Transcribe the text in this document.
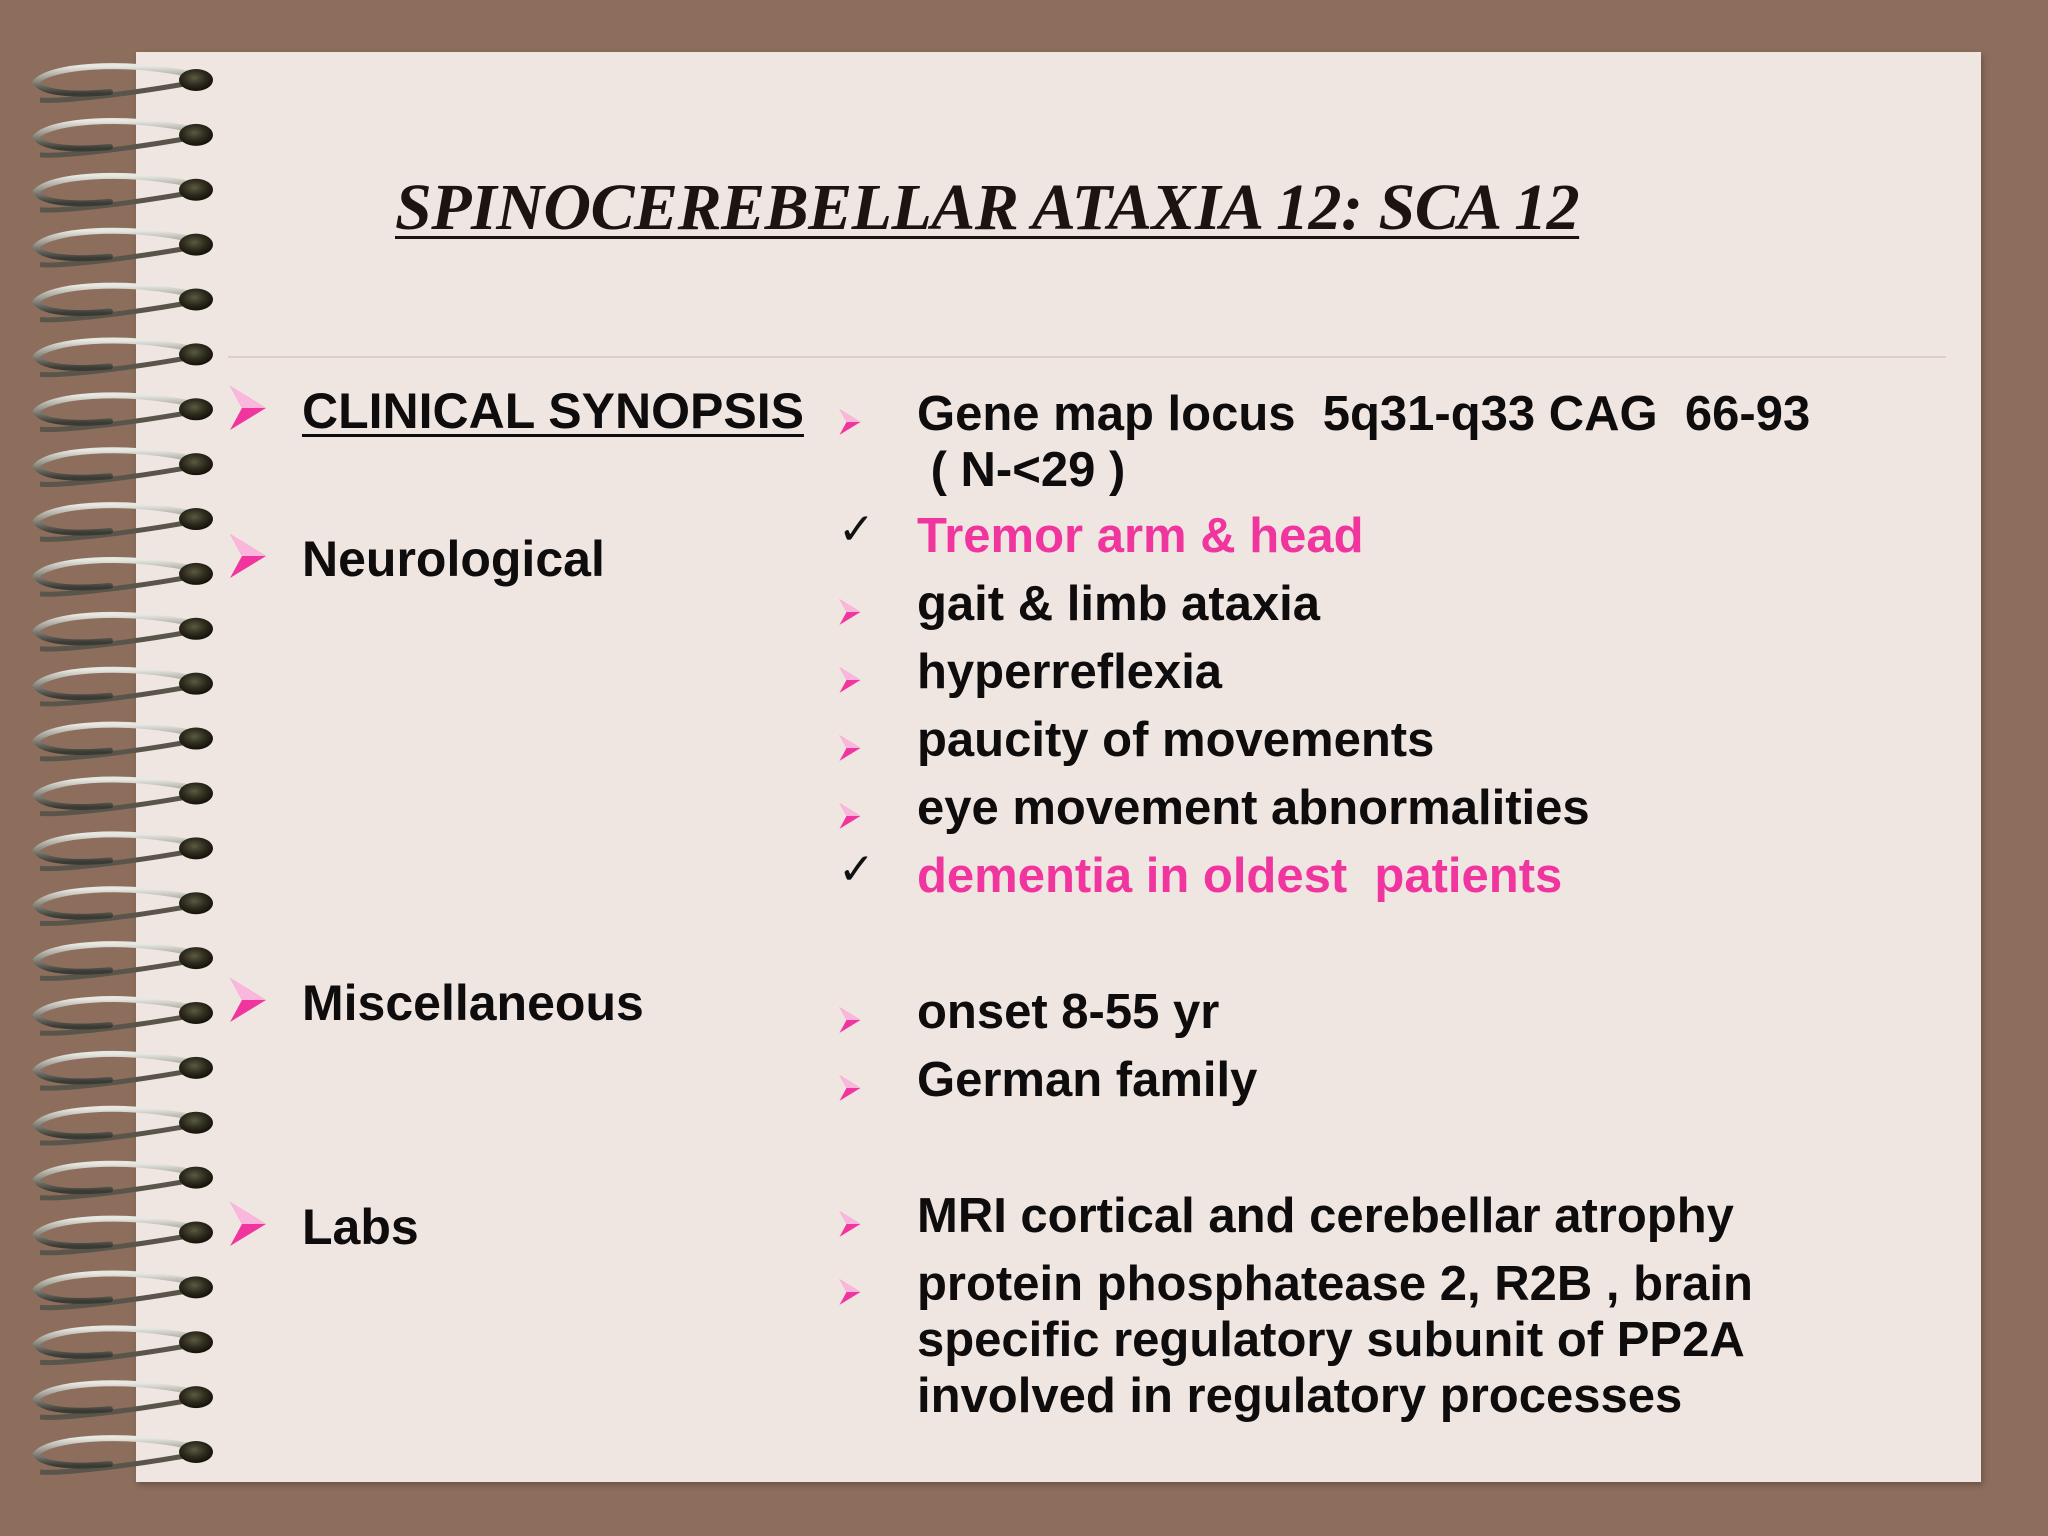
SPINOCEREBELLAR ATAXIA 12: SCA 12
CLINICAL SYNOPSIS
Neurological
Miscellaneous
Labs
Gene map locus  5q31-q33 CAG  66-93
( N-<29 )
✓ Tremor arm & head
gait & limb ataxia
hyperreflexia
paucity of movements
eye movement abnormalities
✓ dementia in oldest  patients
onset 8-55 yr
German family
MRI cortical and cerebellar atrophy
protein phosphatease 2, R2B , brain
specific regulatory subunit of PP2A
involved in regulatory processes
